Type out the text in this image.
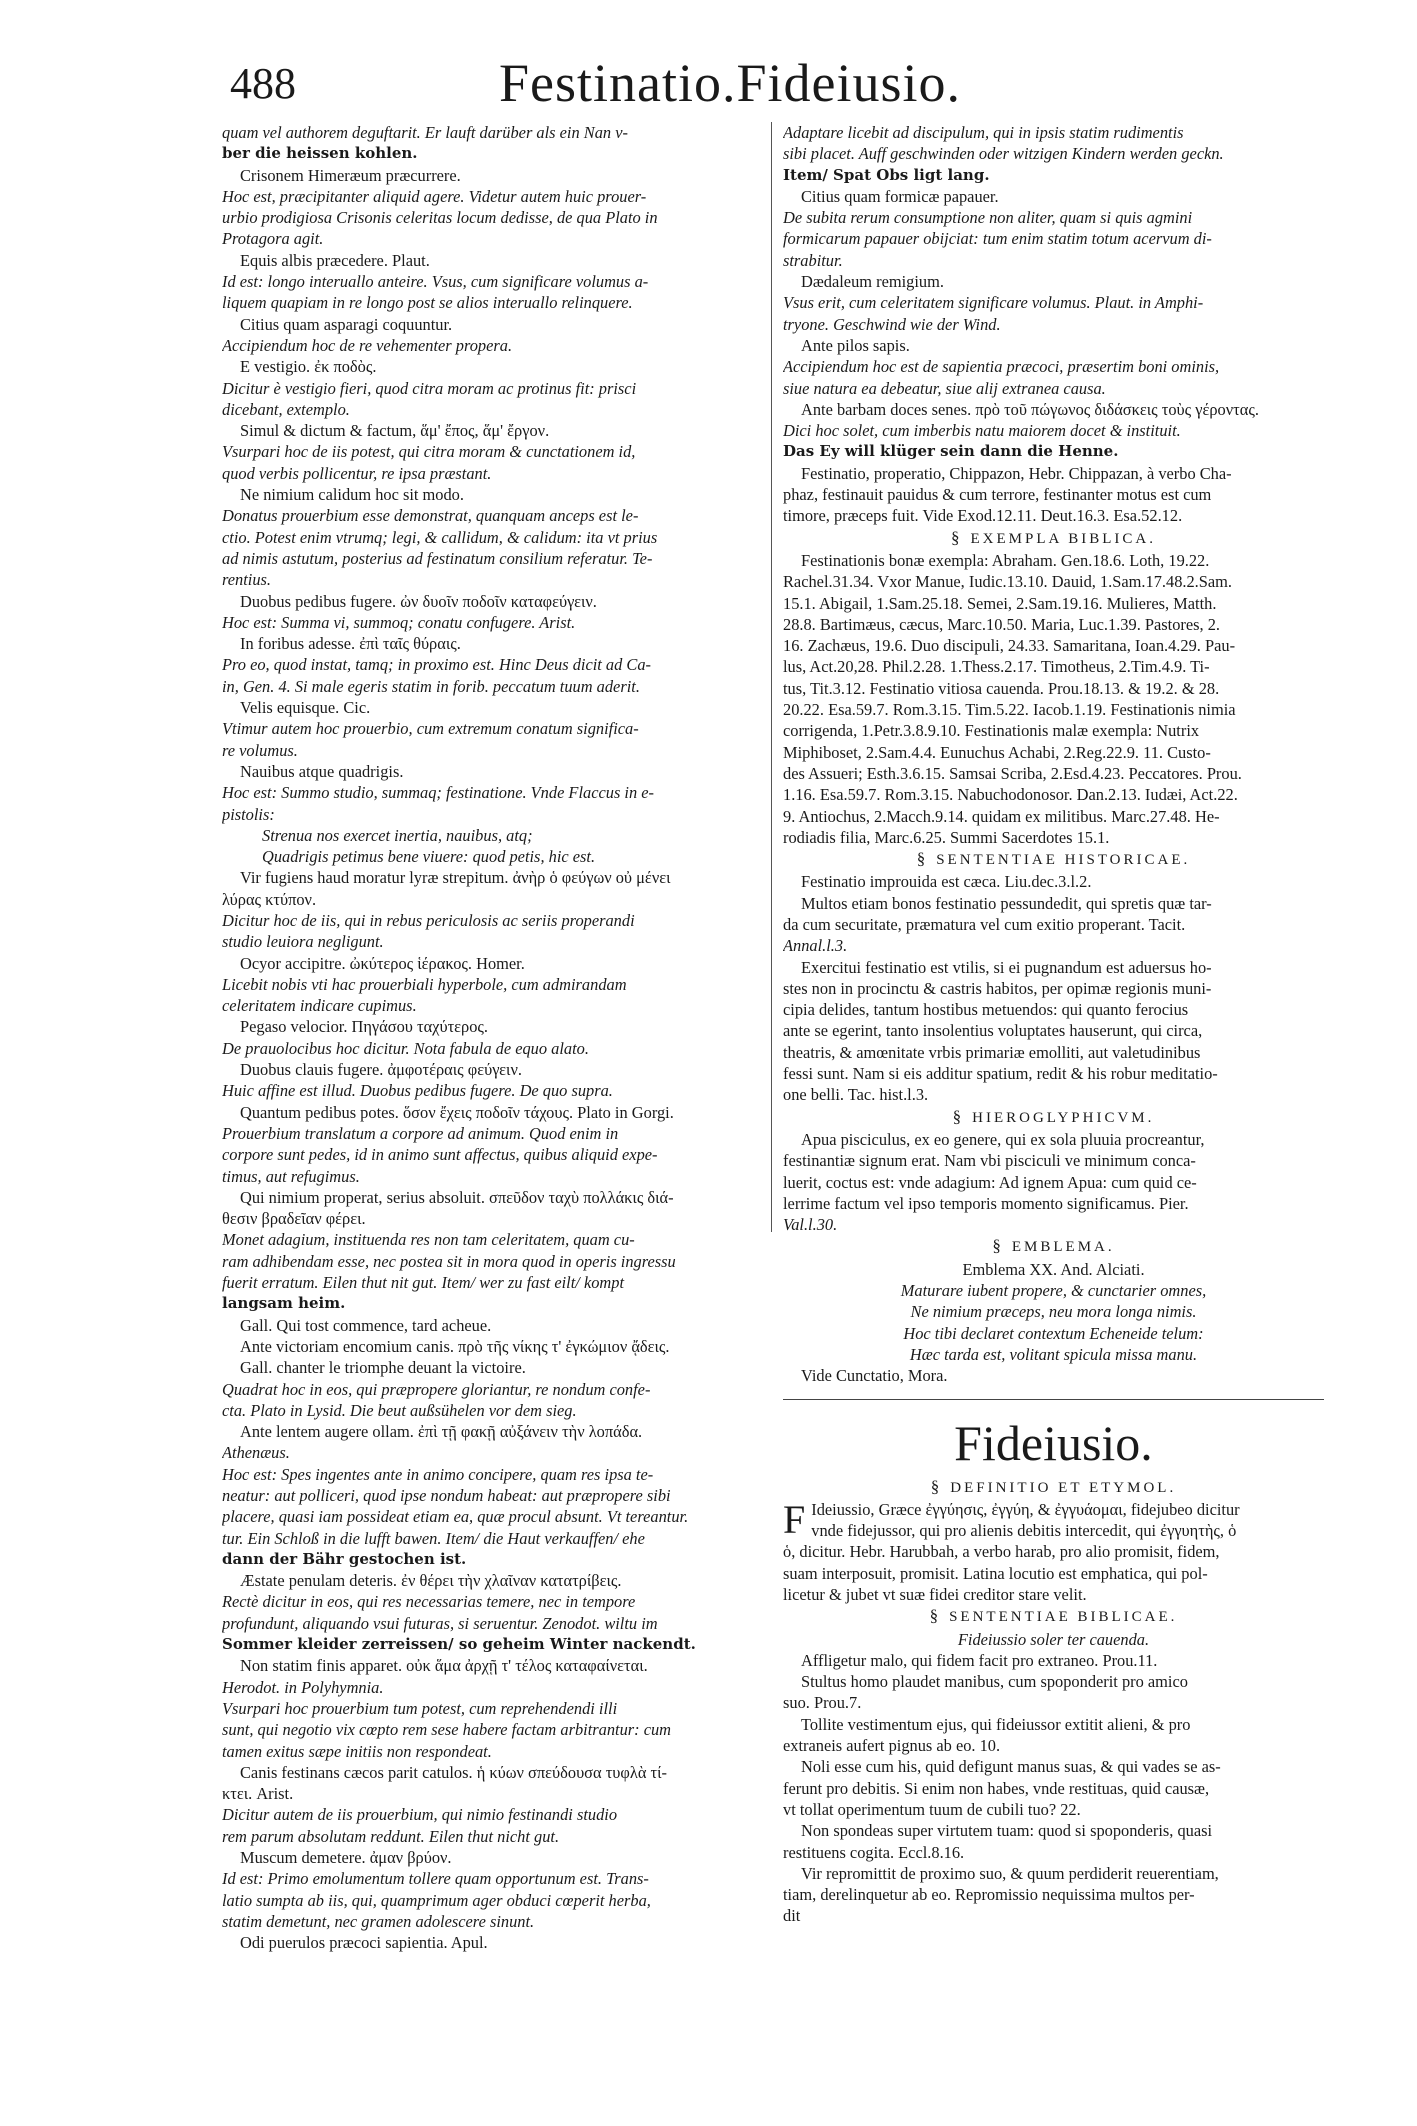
488	Festinatio.Fideiusio.
quam vel authorem deguftarit. Er lauft darüber als ein Nan v-
ber die heissen kohlen.
Crisonem Himeræum præcurrere.
Hoc est, præcipitanter aliquid agere. Videtur autem huic prouer-
urbio prodigiosa Crisonis celeritas locum dedisse, de qua Plato in
Protagora agit.
Equis albis præcedere. Plaut.
Id est: longo interuallo anteire. Vsus, cum significare volumus a-
liquem quapiam in re longo post se alios interuallo relinquere.
Citius quam asparagi coquuntur.
Accipiendum hoc de re vehementer propera.
E vestigio. ἐκ ποδὸς.
Dicitur è vestigio fieri, quod citra moram ac protinus fit: prisci
dicebant, extemplo.
Simul & dictum & factum, ἅμ' ἔπος, ἅμ' ἔργον.
Vsurpari hoc de iis potest, qui citra moram & cunctationem id,
quod verbis pollicentur, re ipsa præstant.
Ne nimium calidum hoc sit modo.
Donatus prouerbium esse demonstrat, quanquam anceps est le-
ctio. Potest enim vtrumq; legi, & callidum, & calidum: ita vt prius
ad nimis astutum, posterius ad festinatum consilium referatur. Te-
rentius.
Duobus pedibus fugere. ὠν δυοῖν ποδοῖν καταφεύγειν.
Hoc est: Summa vi, summoq; conatu confugere. Arist.
In foribus adesse. ἐπὶ ταῖς θύραις.
Pro eo, quod instat, tamq; in proximo est. Hinc Deus dicit ad Ca-
in, Gen. 4. Si male egeris statim in forib. peccatum tuum aderit.
Velis equisque. Cic.
Vtimur autem hoc prouerbio, cum extremum conatum significa-
re volumus.
Nauibus atque quadrigis.
Hoc est: Summo studio, summaq; festinatione. Vnde Flaccus in e-
pistolis:
Strenua nos exercet inertia, nauibus, atq;
Quadrigis petimus bene viuere: quod petis, hic est.
Vir fugiens haud moratur lyræ strepitum. ἀνὴρ ὁ φεύγων οὐ μένει
λύρας κτύπον.
Dicitur hoc de iis, qui in rebus periculosis ac seriis properandi
studio leuiora negligunt.
Ocyor accipitre. ὠκύτερος ἱέρακος. Homer.
Licebit nobis vti hac prouerbiali hyperbole, cum admirandam
celeritatem indicare cupimus.
Pegaso velocior. Πηγάσου ταχύτερος.
De prauolocibus hoc dicitur. Nota fabula de equo alato.
Duobus clauis fugere. ἀμφοτέραις φεύγειν.
Huic affine est illud. Duobus pedibus fugere. De quo supra.
Quantum pedibus potes. ὅσον ἔχεις ποδοῖν τάχους. Plato in Gorgi.
Prouerbium translatum a corpore ad animum. Quod enim in
corpore sunt pedes, id in animo sunt affectus, quibus aliquid expe-
timus, aut refugimus.
Qui nimium properat, serius absoluit. σπεῦδον ταχὺ πολλάκις διά-
θεσιν βραδεῖαν φέρει.
Monet adagium, instituenda res non tam celeritatem, quam cu-
ram adhibendam esse, nec postea sit in mora quod in operis ingressu
fuerit erratum. Eilen thut nit gut. Item/ wer zu fast eilt/ kompt
langsam heim.
Gall. Qui tost commence, tard acheue.
Ante victoriam encomium canis. πρὸ τῆς νίκης τ' ἐγκώμιον ᾄδεις.
Gall. chanter le triomphe deuant la victoire.
Quadrat hoc in eos, qui præpropere gloriantur, re nondum confe-
cta. Plato in Lysid. Die beut außsühelen vor dem sieg.
Ante lentem augere ollam. ἐπὶ τῇ φακῇ αὐξάνειν τὴν λοπάδα.
Athenæus.
Hoc est: Spes ingentes ante in animo concipere, quam res ipsa te-
neatur: aut polliceri, quod ipse nondum habeat: aut præpropere sibi
placere, quasi iam possideat etiam ea, quæ procul absunt. Vt tereantur.
tur. Ein Schloß in die lufft bawen. Item/ die Haut verkauffen/ ehe
dann der Bähr gestochen ist.
Æstate penulam deteris. ἐν θέρει τὴν χλαῖναν κατατρίβεις.
Rectè dicitur in eos, qui res necessarias temere, nec in tempore
profundunt, aliquando vsui futuras, si seruentur. Zenodot. wiltu im
Sommer kleider zerreissen/ so geheim Winter nackendt.
Non statim finis apparet. οὐκ ἅμα ἀρχῇ τ' τέλος καταφαίνεται.
Herodot. in Polyhymnia.
Vsurpari hoc prouerbium tum potest, cum reprehendendi illi
sunt, qui negotio vix cœpto rem sese habere factam arbitrantur: cum
tamen exitus sæpe initiis non respondeat.
Canis festinans cæcos parit catulos. ἡ κύων σπεύδουσα τυφλὰ τί-
κτει. Arist.
Dicitur autem de iis prouerbium, qui nimio festinandi studio
rem parum absolutam reddunt. Eilen thut nicht gut.
Muscum demetere. ἀμαν βρύον.
Id est: Primo emolumentum tollere quam opportunum est. Trans-
latio sumpta ab iis, qui, quamprimum ager obduci cœperit herba,
statim demetunt, nec gramen adolescere sinunt.
Odi puerulos præcoci sapientia. Apul.
Adaptare licebit ad discipulum, qui in ipsis statim rudimentis
sibi placet. Auff geschwinden oder witzigen Kindern werden geckn.
Item/ Spat Obs ligt lang.
Citius quam formicæ papauer.
De subita rerum consumptione non aliter, quam si quis agmini
formicarum papauer obijciat: tum enim statim totum acervum di-
strabitur.
Dædaleum remigium.
Vsus erit, cum celeritatem significare volumus. Plaut. in Amphi-
tryone. Geschwind wie der Wind.
Ante pilos sapis.
Accipiendum hoc est de sapientia præcoci, præsertim boni ominis,
siue natura ea debeatur, siue alij extranea causa.
Ante barbam doces senes. πρὸ τοῦ πώγωνος διδάσκεις τοὺς γέροντας.
Dici hoc solet, cum imberbis natu maiorem docet & instituit.
Das Ey will klüger sein dann die Henne.
Festinatio, properatio, Chippazon, Hebr. Chippazan, à verbo Cha-
phaz, festinauit pauidus & cum terrore, festinanter motus est cum
timore, præceps fuit. Vide Exod.12.11. Deut.16.3. Esa.52.12.
§ EXEMPLA BIBLICA.
Festinationis bonæ exempla: Abraham. Gen.18.6. Loth, 19.22.
Rachel.31.34. Vxor Manue, Iudic.13.10. Dauid, 1.Sam.17.48.2.Sam.
15.1. Abigail, 1.Sam.25.18. Semei, 2.Sam.19.16. Mulieres, Matth.
28.8. Bartimæus, cæcus, Marc.10.50. Maria, Luc.1.39. Pastores, 2.
16. Zachæus, 19.6. Duo discipuli, 24.33. Samaritana, Ioan.4.29. Pau-
lus, Act.20,28. Phil.2.28. 1.Thess.2.17. Timotheus, 2.Tim.4.9. Ti-
tus, Tit.3.12. Festinatio vitiosa cauenda. Prou.18.13. & 19.2. & 28.
20.22. Esa.59.7. Rom.3.15. Tim.5.22. Iacob.1.19. Festinationis nimia
corrigenda, 1.Petr.3.8.9.10. Festinationis malæ exempla: Nutrix
Miphiboset, 2.Sam.4.4. Eunuchus Achabi, 2.Reg.22.9. 11. Custo-
des Assueri; Esth.3.6.15. Samsai Scriba, 2.Esd.4.23. Peccatores. Prou.
1.16. Esa.59.7. Rom.3.15. Nabuchodonosor. Dan.2.13. Iudæi, Act.22.
9. Antiochus, 2.Macch.9.14. quidam ex militibus. Marc.27.48. He-
rodiadis filia, Marc.6.25. Summi Sacerdotes 15.1.
§ SENTENTIAE HISTORICAE.
Festinatio improuida est cæca. Liu.dec.3.l.2.
Multos etiam bonos festinatio pessundedit, qui spretis quæ tar-
da cum securitate, præmatura vel cum exitio properant. Tacit.
Annal.l.3.
Exercitui festinatio est vtilis, si ei pugnandum est aduersus ho-
stes non in procinctu & castris habitos, per opimæ regionis muni-
cipia delides, tantum hostibus metuendos: qui quanto ferocius
ante se egerint, tanto insolentius voluptates hauserunt, qui circa,
theatris, & amœnitate vrbis primariæ emolliti, aut valetudinibus
fessi sunt. Nam si eis additur spatium, redit & his robur meditatio-
one belli. Tac. hist.l.3.
§ HIEROGLYPHICVM.
Apua pisciculus, ex eo genere, qui ex sola pluuia procreantur,
festinantiæ signum erat. Nam vbi pisciculi ve minimum conca-
luerit, coctus est: vnde adagium: Ad ignem Apua: cum quid ce-
lerrime factum vel ipso temporis momento significamus. Pier.
Val.l.30.
§ EMBLEMA.
Emblema XX. And. Alciati.
Maturare iubent propere, & cunctarier omnes,
Ne nimium præceps, neu mora longa nimis.
Hoc tibi declaret contextum Echeneide telum:
Hæc tarda est, volitant spicula missa manu.
Vide Cunctatio, Mora.
Fideiusio.
§ DEFINITIO ET ETYMOL.
F Ideiussio, Græce ἐγγύησις, ἐγγύη, & ἐγγυάομαι, fidejubeo dicitur
vnde fidejussor, qui pro alienis debitis intercedit, qui ἐγγυητὴς, ὁ
ὁ, dicitur. Hebr. Harubbah, a verbo harab, pro alio promisit, fidem,
suam interposuit, promisit. Latina locutio est emphatica, qui pol-
licetur & jubet vt suæ fidei creditor stare velit.
§ SENTENTIAE BIBLICAE.
Fideiussio soler ter cauenda.
Affligetur malo, qui fidem facit pro extraneo. Prou.11.
Stultus homo plaudet manibus, cum spoponderit pro amico
suo. Prou.7.
Tollite vestimentum ejus, qui fideiussor extitit alieni, & pro
extraneis aufert pignus ab eo. 10.
Noli esse cum his, quid defigunt manus suas, & qui vades se as-
ferunt pro debitis. Si enim non habes, vnde restituas, quid causæ,
vt tollat operimentum tuum de cubili tuo? 22.
Non spondeas super virtutem tuam: quod si spoponderis, quasi
restituens cogita. Eccl.8.16.
Vir repromittit de proximo suo, & quum perdiderit reuerentiam,
tiam, derelinquetur ab eo. Repromissio nequissima multos per-
dit
